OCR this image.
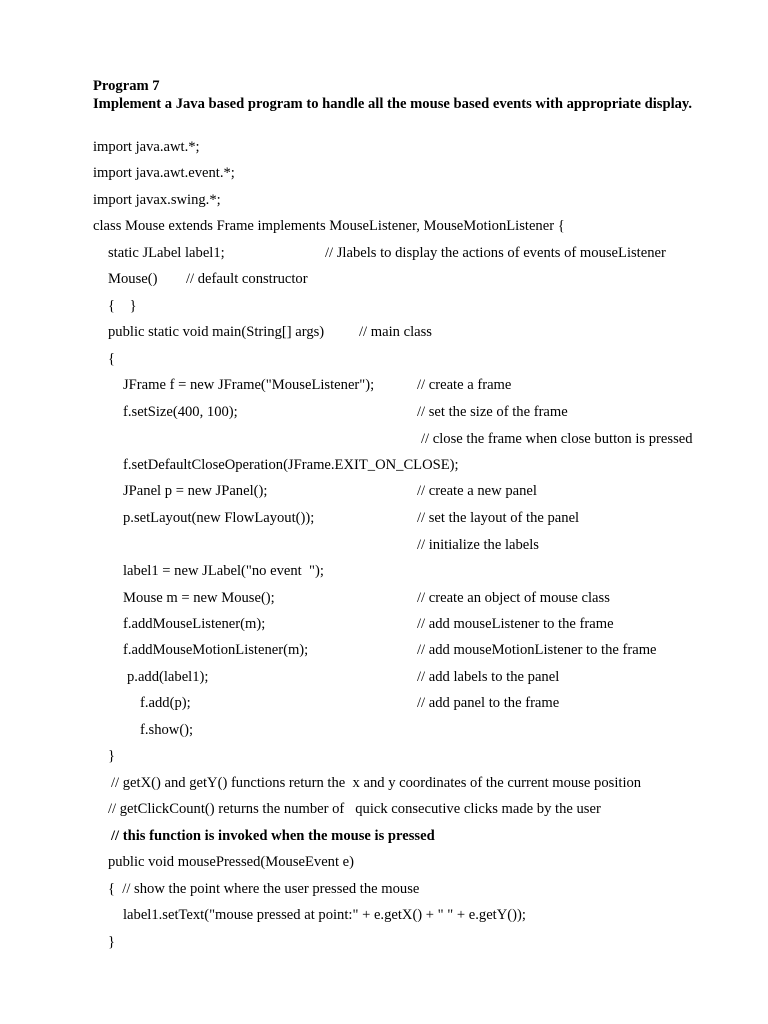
Program 7
Implement a Java based program to handle all the mouse based events with appropriate display.
import java.awt.*;
import java.awt.event.*;
import javax.swing.*;
class Mouse extends Frame implements MouseListener, MouseMotionListener {
static JLabel label1;	// Jlabels to display the actions of events of mouseListener
Mouse() // default constructor
{    }
public static void main(String[] args) // main class
{
JFrame f = new JFrame("MouseListener");	// create a frame
f.setSize(400, 100);	// set the size of the frame
// close the frame when close button is pressed
f.setDefaultCloseOperation(JFrame.EXIT_ON_CLOSE);
JPanel p = new JPanel();	// create a new panel
p.setLayout(new FlowLayout());	// set the layout of the panel
// initialize the labels
label1 = new JLabel("no event  ");
Mouse m = new Mouse();	// create an object of mouse class
f.addMouseListener(m);	// add mouseListener to the frame
f.addMouseMotionListener(m);	// add mouseMotionListener to the frame
p.add(label1);	// add labels to the panel
f.add(p);	// add panel to the frame
f.show();
}
// getX() and getY() functions return the  x and y coordinates of the current mouse position
// getClickCount() returns the number of   quick consecutive clicks made by the user
// this function is invoked when the mouse is pressed
public void mousePressed(MouseEvent e)
{  // show the point where the user pressed the mouse
label1.setText("mouse pressed at point:" + e.getX() + " " + e.getY());
}
